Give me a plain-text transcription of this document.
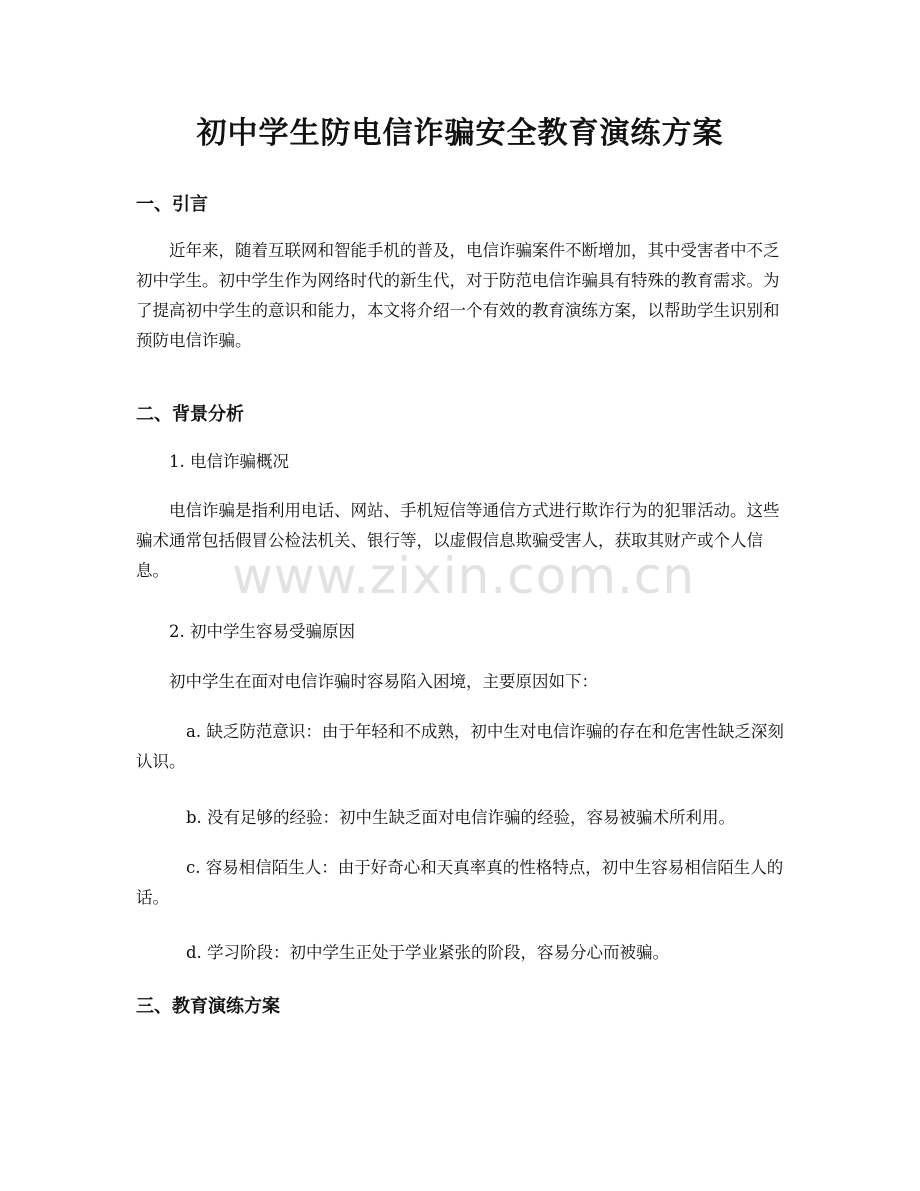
初中学生防电信诈骗安全教育演练方案
一、引言

近年来，随着互联网和智能手机的普及，电信诈骗案件不断增加，其中受害者中不乏初中学生。初中学生作为网络时代的新生代，对于防范电信诈骗具有特殊的教育需求。为了提高初中学生的意识和能力，本文将介绍一个有效的教育演练方案，以帮助学生识别和预防电信诈骗。

二、背景分析

1. 电信诈骗概况

电信诈骗是指利用电话、网站、手机短信等通信方式进行欺诈行为的犯罪活动。这些骗术通常包括假冒公检法机关、银行等，以虚假信息欺骗受害人，获取其财产或个人信息。

2. 初中学生容易受骗原因

初中学生在面对电信诈骗时容易陷入困境，主要原因如下：

a. 缺乏防范意识：由于年轻和不成熟，初中生对电信诈骗的存在和危害性缺乏深刻认识。

b. 没有足够的经验：初中生缺乏面对电信诈骗的经验，容易被骗术所利用。

c. 容易相信陌生人：由于好奇心和天真率真的性格特点，初中生容易相信陌生人的话。

d. 学习阶段：初中学生正处于学业紧张的阶段，容易分心而被骗。

三、教育演练方案
www.zixin.com.cn
